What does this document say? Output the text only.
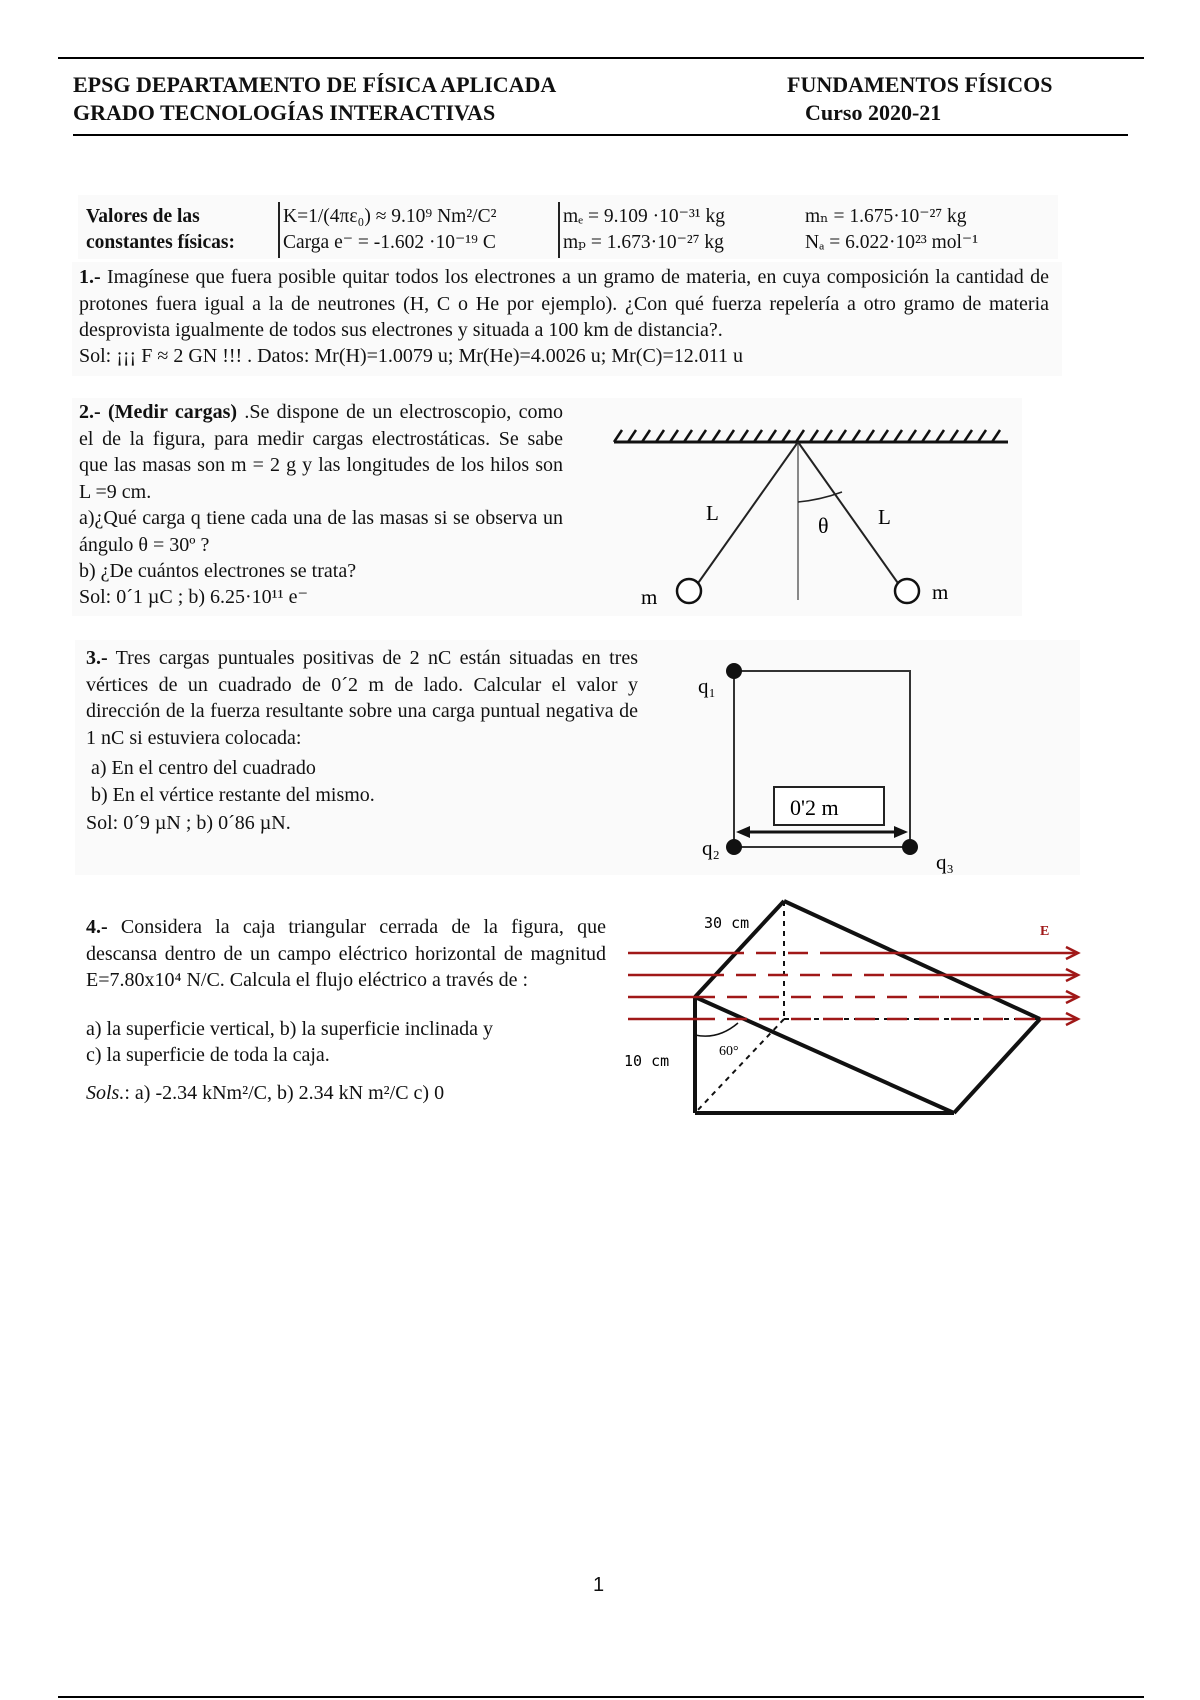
EPSG DEPARTAMENTO DE FÍSICA APLICADA
GRADO TECNOLOGÍAS INTERACTIVAS
FUNDAMENTOS FÍSICOS
Curso 2020-21
Valores de las
constantes físicas:
K=1/(4πε₀) ≈ 9.10⁹ Nm²/C²
Carga e⁻ = -1.602 ·10⁻¹⁹ C
mₑ = 9.109 ·10⁻³¹ kg
mₚ = 1.673·10⁻²⁷ kg
mₙ = 1.675·10⁻²⁷ kg
Nₐ = 6.022·10²³ mol⁻¹
1.- Imagínese que fuera posible quitar todos los electrones a un gramo de materia, en cuya composición la cantidad de protones fuera igual a la de neutrones (H, C o He por ejemplo). ¿Con qué fuerza repelería a otro gramo de materia desprovista igualmente de todos sus electrones y situada a 100 km de distancia?.
Sol: ¡¡¡ F ≈ 2 GN !!! . Datos: Mr(H)=1.0079 u; Mr(He)=4.0026 u; Mr(C)=12.011 u
2.- (Medir cargas) .Se dispone de un electroscopio, como el de la figura, para medir cargas electrostáticas. Se sabe que las masas son m = 2 g y las longitudes de los hilos son L =9 cm.
a)¿Qué carga q tiene cada una de las masas si se observa un ángulo θ = 30º ?
b) ¿De cuántos electrones se trata?
Sol: 0´1 µC ; b) 6.25·10¹¹ e⁻
L	L
θ
m	m
3.- Tres cargas puntuales positivas de 2 nC están situadas en tres vértices de un cuadrado de 0´2 m de lado. Calcular el valor y dirección de la fuerza resultante sobre una carga puntual negativa de 1 nC si estuviera colocada:
a) En el centro del cuadrado
b) En el vértice restante del mismo.
Sol: 0´9 µN ; b) 0´86 µN.
0'2 m
q₁
q₂
q₃
4.- Considera la caja triangular cerrada de la figura, que descansa dentro de un campo eléctrico horizontal de magnitud E=7.80x10⁴ N/C. Calcula el flujo eléctrico a través de :
a) la superficie vertical, b) la superficie inclinada y
c) la superficie de toda la caja.
Sols.: a) -2.34 kNm²/C, b) 2.34 kN m²/C c) 0
30 cm
10 cm
60°
E
1
